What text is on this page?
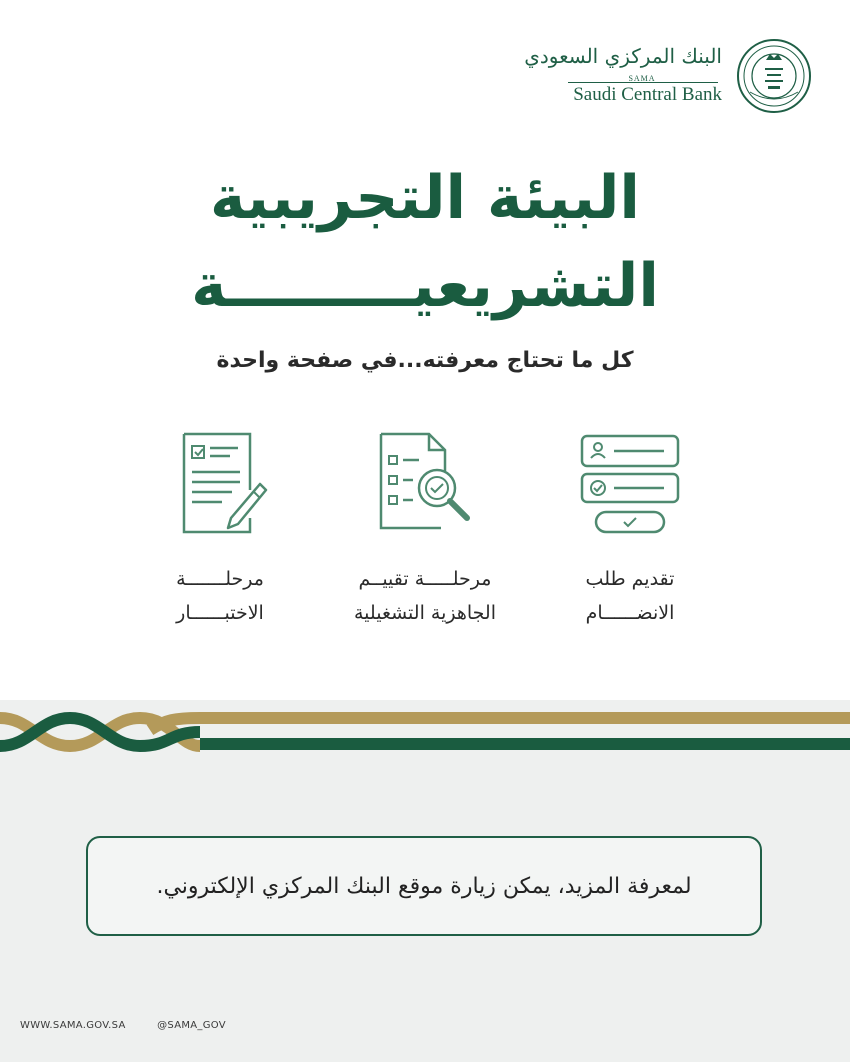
البنك المركزي السعودي
SAMA
Saudi Central Bank
البيئة التجريبية
التشريعيـــــــــة
كل ما تحتاج معرفته...في صفحة واحدة
تقديم طلب
الانضــــــام
مرحلـــــة تقييــم
الجاهزية التشغيلية
مرحلـــــــة
الاختبــــــار
لمعرفة المزيد، يمكن زيارة موقع البنك المركزي الإلكتروني.
WWW.SAMA.GOV.SA	@SAMA_GOV
